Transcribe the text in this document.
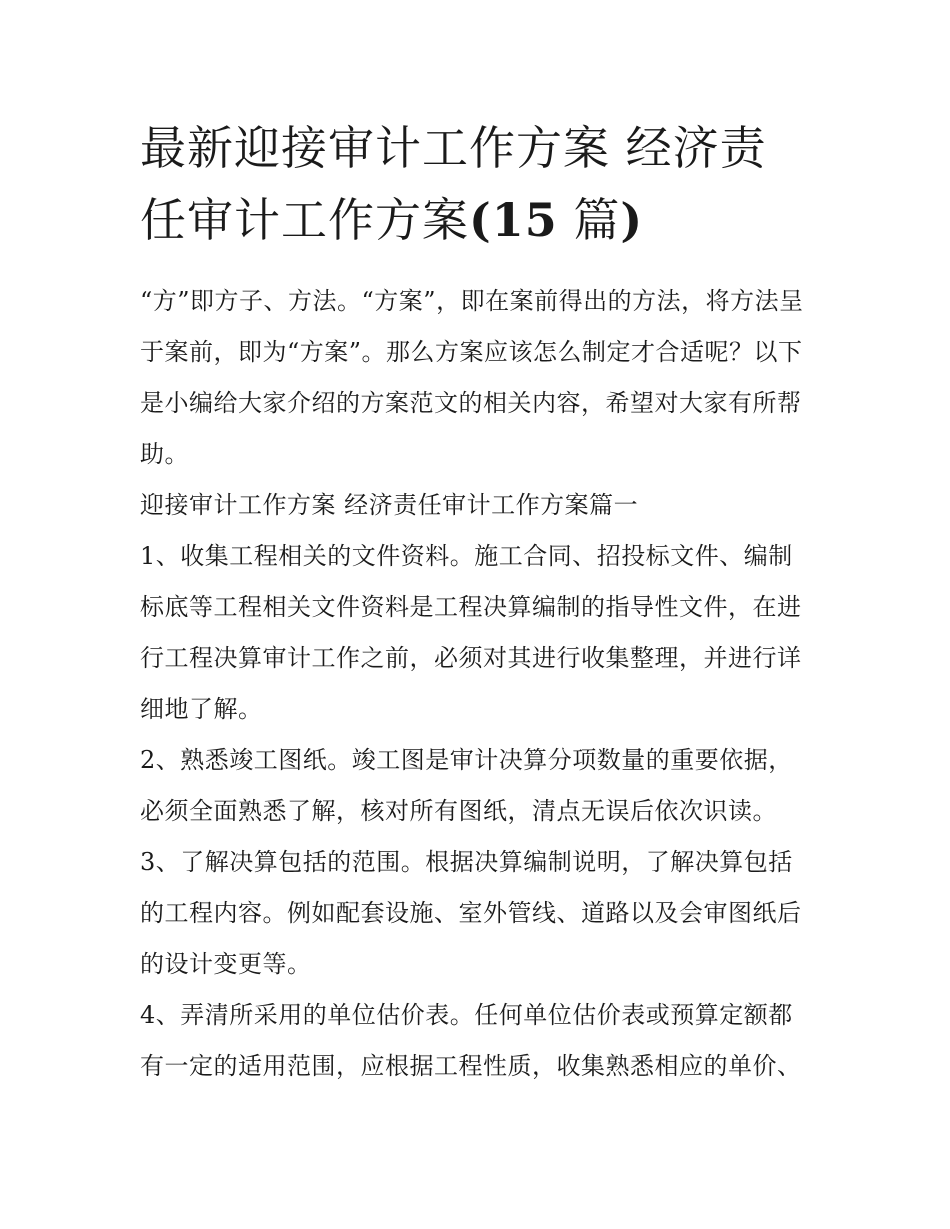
最新迎接审计工作方案 经济责
任审计工作方案(15 篇)

“方”即方子、方法。“方案”，即在案前得出的方法，将方法呈于案前，即为“方案”。那么方案应该怎么制定才合适呢？以下是小编给大家介绍的方案范文的相关内容，希望对大家有所帮助。

迎接审计工作方案 经济责任审计工作方案篇一

1、收集工程相关的文件资料。施工合同、招投标文件、编制标底等工程相关文件资料是工程决算编制的指导性文件，在进行工程决算审计工作之前，必须对其进行收集整理，并进行详细地了解。

2、熟悉竣工图纸。竣工图是审计决算分项数量的重要依据，必须全面熟悉了解，核对所有图纸，清点无误后依次识读。

3、了解决算包括的范围。根据决算编制说明，了解决算包括的工程内容。例如配套设施、室外管线、道路以及会审图纸后的设计变更等。

4、弄清所采用的单位估价表。任何单位估价表或预算定额都有一定的适用范围，应根据工程性质，收集熟悉相应的单价、
